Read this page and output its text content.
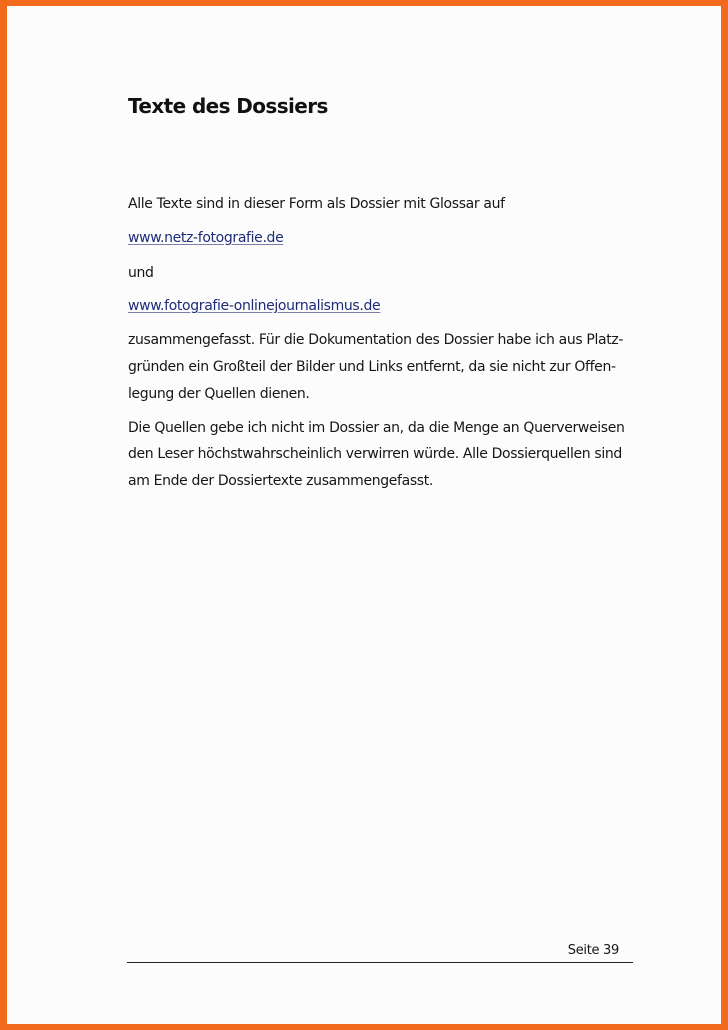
Texte des Dossiers
Alle Texte sind in dieser Form als Dossier mit Glossar auf
www.netz-fotografie.de
und
www.fotografie-onlinejournalismus.de
zusammengefasst. Für die Dokumentation des Dossier habe ich aus Platz-
gründen ein Großteil der Bilder und Links entfernt, da sie nicht zur Offen-
legung der Quellen dienen.
Die Quellen gebe ich nicht im Dossier an, da die Menge an Querverweisen
den Leser höchstwahrscheinlich verwirren würde. Alle Dossierquellen sind
am Ende der Dossiertexte zusammengefasst.
Seite 39
